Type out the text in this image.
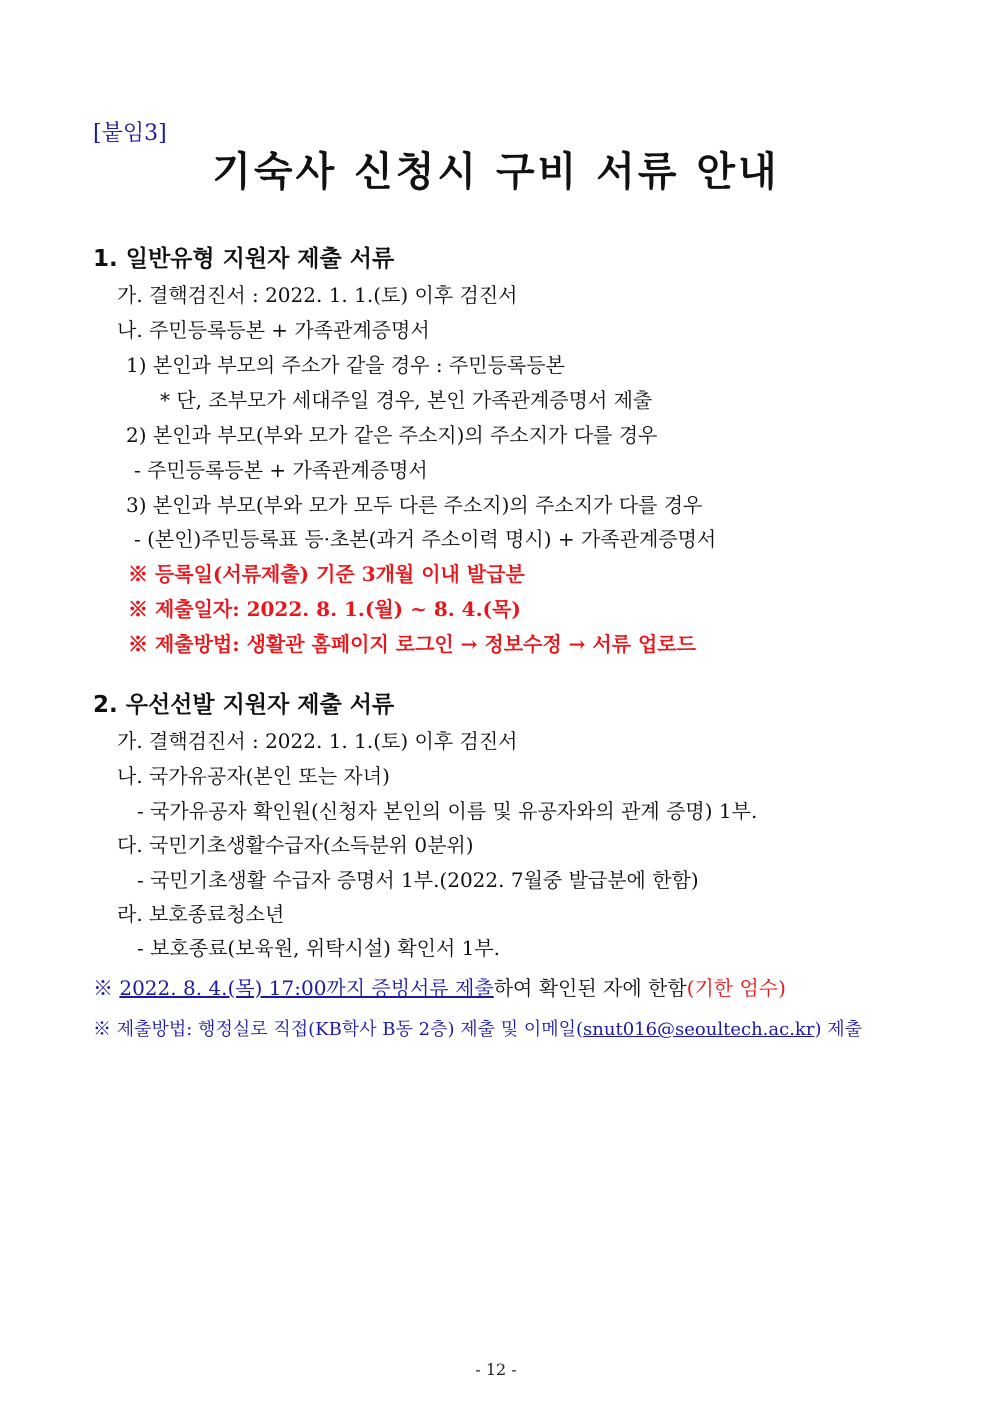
[붙임3]
기숙사 신청시 구비 서류 안내
1. 일반유형 지원자 제출 서류
가. 결핵검진서 : 2022. 1. 1.(토) 이후 검진서
나. 주민등록등본 + 가족관계증명서
1) 본인과 부모의 주소가 같을 경우 : 주민등록등본
* 단, 조부모가 세대주일 경우, 본인 가족관계증명서 제출
2) 본인과 부모(부와 모가 같은 주소지)의 주소지가 다를 경우
- 주민등록등본 + 가족관계증명서
3) 본인과 부모(부와 모가 모두 다른 주소지)의 주소지가 다를 경우
- (본인)주민등록표 등·초본(과거 주소이력 명시) + 가족관계증명서
※ 등록일(서류제출) 기준 3개월 이내 발급분
※ 제출일자: 2022. 8. 1.(월) ~ 8. 4.(목)
※ 제출방법: 생활관 홈페이지 로그인 → 정보수정 → 서류 업로드
2. 우선선발 지원자 제출 서류
가. 결핵검진서 : 2022. 1. 1.(토) 이후 검진서
나. 국가유공자(본인 또는 자녀)
- 국가유공자 확인원(신청자 본인의 이름 및 유공자와의 관계 증명) 1부.
다. 국민기초생활수급자(소득분위 0분위)
- 국민기초생활 수급자 증명서 1부.(2022. 7월중 발급분에 한함)
라. 보호종료청소년
- 보호종료(보육원, 위탁시설) 확인서 1부.
※ 2022. 8. 4.(목) 17:00까지 증빙서류 제출하여 확인된 자에 한함(기한 엄수)
※ 제출방법: 행정실로 직접(KB학사 B동 2층) 제출 및 이메일(snut016@seoultech.ac.kr) 제출
- 12 -
